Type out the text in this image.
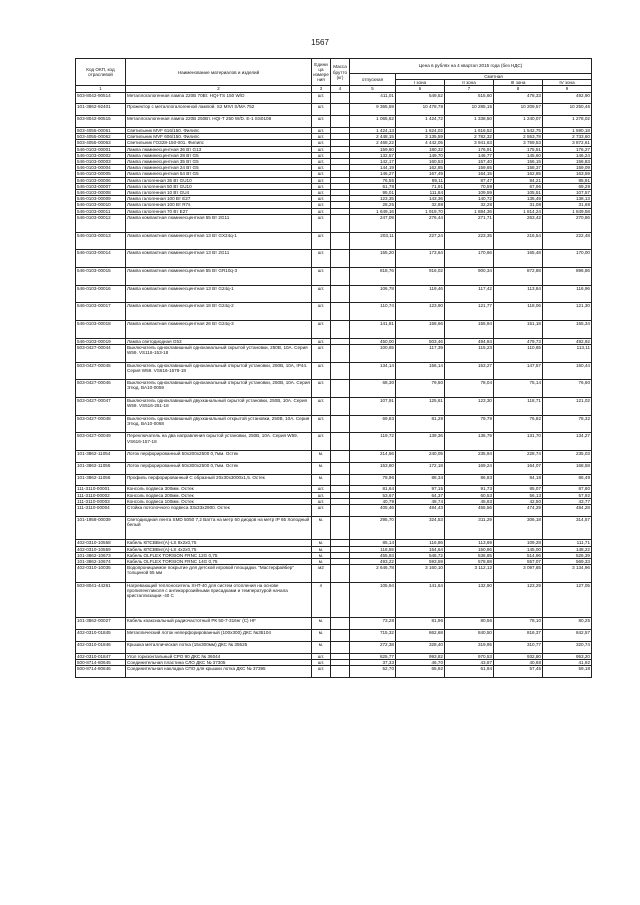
1567
Код ОКП, код отраслевой	Наименование материалов и изделий	Едини ца измере ния	Масса брутто (кг)	Цена в рублях на 4 квартал 2015 года (без НДС)				
				отпускная	Сметная			
					I зона	II зона	III зона	IV зона
1	2	3	4	5	6	7	8	9
503-8042-90514	Металлогалогенная лампа 220В 70Вт. HQI-TS 150 W/D	шт.		411,01	549,52	515,60	478,33	492,90
101-3862-92401	Прожектор с металлогалогенной лампой. S2 MIVI S/MA 752	шт.		9 365,59	10 478,78	10 285,15	10 209,57	10 250,46
503-8042-90515	Металлогалогенная лампа 220В 250Вт. HQI-T 250 W/D. Е-1 SS0108	шт.		1 065,62	1 424,72	1 338,50	1 240,07	1 278,02
503-4055-00061	Светильник MVF 616/150. Филипс	шт.		1 424,13	1 624,02	1 616,52	1 542,75	1 590,18
503-4055-00062	Светильник MVF 606/150. Филипс	шт.		2 448,15	3 135,59	2 782,32	2 553,78	2 733,60
503-4055-00063	Светильник ГОЗ28-150-001. Филипс	шт.		2 468,22	4 442,05	3 941,63	3 759,53	3 872,61
546-0103-00001	Лампа люминесцентная 36 Вт G13	шт.		159,80	180,32	176,91	175,51	176,27
546-0103-00002	Лампа люминесцентная 28 Вт G5	шт.		132,57	149,70	146,77	145,60	146,24
546-0103-00003	Лампа люминесцентная 35 Вт G5	шт.		142,17	160,53	157,40	156,15	156,83
546-0103-00004	Лампа люминесцентная 24 Вт G5	шт.		144,19	162,85	159,65	158,37	159,09
546-0103-00005	Лампа люминесцентная 54 Вт G5	шт.		146,27	167,49	164,15	162,85	163,59
546-0103-00006	Лампа галогенная 35 Вт GU10	шт.		76,55	89,11	87,47	84,21	85,91
546-0103-00007	Лампа галогенная 50 Вт GU10	шт.		61,78	71,91	70,59	67,96	69,29
546-0103-00008	Лампа галогенная 10 Вт GU4	шт.		95,01	111,84	109,59	105,51	107,57
546-0103-00009	Лампа галогенная 100 Вт E27	шт.		123,35	143,36	140,72	135,49	138,13
546-0103-00010	Лампа галогенная 100 Вт R7s	шт.		28,25	32,88	32,28	31,08	31,68
546-0103-00011	Лампа галогенная 70 Вт E27	шт.		1 649,16	1 919,70	1 884,36	1 814,24	1 849,58
546-0103-00012	Лампа компактная люминесцентная 55 Вт 2G11	шт.		247,09	276,44	271,71	263,42	270,86
546-0103-00013	Лампа компактная люминесцентная 13 Вт GX24q-1	шт.		203,11	227,24	223,35	216,54	222,48
546-0103-00014	Лампа компактная люминесцентная 13 Вт 2G11	шт.		155,20	173,64	170,66	165,48	170,00
546-0103-00015	Лампа компактная люминесцентная 55 Вт GR10q-3	шт.		818,76	916,02	900,34	872,88	896,86
546-0103-00016	Лампа компактная люминесцентная 13 Вт G24q-1	шт.		106,78	119,46	117,42	113,84	116,96
546-0103-00017	Лампа компактная люминесцентная 18 Вт G24q-2	шт.		110,74	123,90	121,77	118,06	121,30
546-0103-00018	Лампа компактная люминесцентная 26 Вт G24q-3	шт.		141,81	158,66	155,94	151,18	155,34
546-0103-00019	Лампа светодиодная G53	шт.		450,00	503,46	494,84	479,73	492,92
503-0427-00044	Выключатель одноклавишный одноканальный скрытой установки, 250В, 10А. Серия W59. VS116-153-18	шт.		100,65	117,39	115,23	110,65	113,11
503-0427-00045	Выключатель одноклавишный одноканальный открытой установки, 250В, 10А, IP44. Серия W59. VS616-1578-18	шт.		134,14	156,14	153,27	147,57	150,44
503-0427-00046	Выключатель одноклавишный одноканальный открытой установки, 250В, 10А. Серия Этюд. BA10-0059	шт.		68,30	79,50	78,04	75,14	76,60
503-0427-00047	Выключатель одноклавишный двухканальный скрытой установки, 250В, 10А. Серия W59. VS516-251-18	шт.		107,91	125,61	123,30	118,71	121,02
503-0427-00048	Выключатель одноклавишный двухканальный открытой установки, 250В, 10А. Серия Этюд. BA10-0068	шт.		69,83	81,29	79,79	76,82	78,32
503-0427-00049	Переключатель на два направления скрытой установки, 250В, 10А. Серия W59. VS616-157-18	шт.		119,72	139,36	136,79	131,70	134,27
101-3862-11054	Лоток перфорированный 50х200х2500 0,7мм. Остек	м.		214,56	240,05	235,94	228,74	235,03
101-3862-11055	Лоток перфорированный 50х300х2500 0,7мм. Остек	м.		153,80	172,18	169,24	164,07	168,58
101-3862-11056	Профиль перфорированный С образный 20х30х3000х1,5. Остек	м.		78,96	88,34	86,83	84,18	86,49
111-3110-00001	Консоль подвеса 300мм. Остек	шт.		81,64	97,15	91,73	85,07	87,80
111-3110-00002	Консоль подвеса 200мм. Остек	шт.		53,67	64,37	60,53	56,13	57,92
111-3110-00003	Консоль подвеса 100мм. Остек	шт.		40,79	48,74	45,83	42,50	43,77
111-3110-00004	Стойка потолочного подвеса 33х33х2900. Остек	шт.		405,46	484,43	455,56	474,29	484,28
101-1958-00039	Светодиодная лента SMD 5050 7,2 Ватта на метр 60 диодов на метр IP 65 Холодный белый	м.		295,70	324,53	311,29	306,18	314,57
402-0310-10558	Кабель КПСВВнг(А)-LS 8х2х0,75	м.		85,14	116,86	113,69	109,28	111,71
402-0310-10559	Кабель КПСВВнг(А)-LS 4х2х0,75	м.		116,55	154,64	150,86	145,00	148,22
101-3862-10673	Кабель OLFLEX TORSION FRNC 12G 0,75	м.		455,93	546,72	536,85	514,96	526,39
101-3862-10674	Кабель OLFLEX TORSION FRNC 14G 0,75	м.		493,22	593,59	578,88	557,07	569,33
402-0310-10035	Водопроницаемое покрытие для детской игровой площадки. "Мастерфайбер" толщиной 55 мм	м2		2 646,78	3 160,10	3 112,12	3 097,65	3 134,96
503-8041-44261	Нагревающий теплоноситель XHT-40 для систем отопления на основе пропиленгликоля с антикоррозийными присадками и температурой начала кристаллизации -40 С	л		105,94	141,64	132,90	123,29	127,05
101-3862-00027	Кабель коаксиальный радиочастотный РК 50-7-316нг (С) HF	м.		73,28	81,96	80,56	78,10	80,25
402-0310-01845	Металлический лоток неперфорированный (100х300) ДКС №35104	м.		715,32	862,68	840,50	816,37	842,57
402-0310-01846	Крышка металлическая лотка (15х300мм) ДКС № 35525	м.		272,38	328,40	319,95	310,77	320,74
402-0310-01847	Угол горизонтальный СРО 90 ДКС № 36044	шт.		825,77	993,82	970,53	932,80	953,20
500-8714-80645	Соединительная пластина СЛО ДКС № 37305	шт.		37,33	46,70	43,87	40,68	41,92
500-8714-80646	Соединительная накладка СПО для крышки лотка ДКС № 37395	шт.		52,70	65,92	61,94	57,45	59,18
